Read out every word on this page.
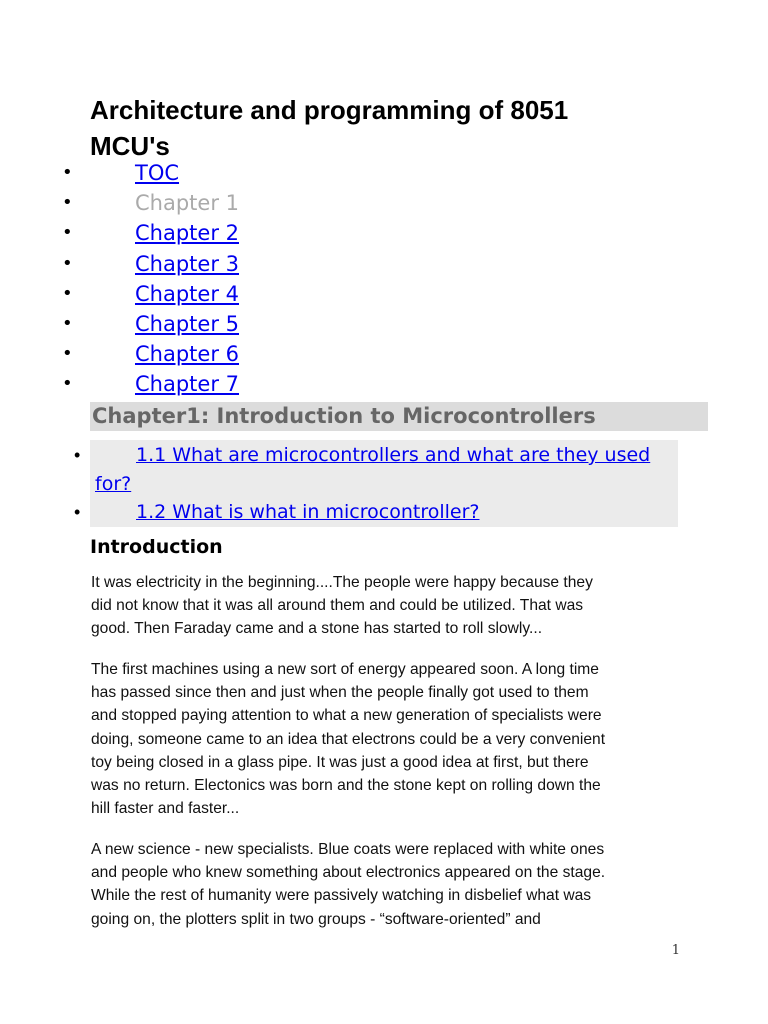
Architecture and programming of 8051 MCU's
•	TOC
•	Chapter 1
•	Chapter 2
•	Chapter 3
•	Chapter 4
•	Chapter 5
•	Chapter 6
•	Chapter 7
Chapter1: Introduction to Microcontrollers
•	1.1 What are microcontrollers and what are they used
for?
•	1.2 What is what in microcontroller?
Introduction

It was electricity in the beginning....The people were happy because they
did not know that it was all around them and could be utilized. That was
good. Then Faraday came and a stone has started to roll slowly...

The first machines using a new sort of energy appeared soon. A long time
has passed since then and just when the people finally got used to them
and stopped paying attention to what a new generation of specialists were
doing, someone came to an idea that electrons could be a very convenient
toy being closed in a glass pipe. It was just a good idea at first, but there
was no return. Electonics was born and the stone kept on rolling down the
hill faster and faster...

A new science - new specialists. Blue coats were replaced with white ones
and people who knew something about electronics appeared on the stage.
While the rest of humanity were passively watching in disbelief what was
going on, the plotters split in two groups - “software-oriented” and

1
